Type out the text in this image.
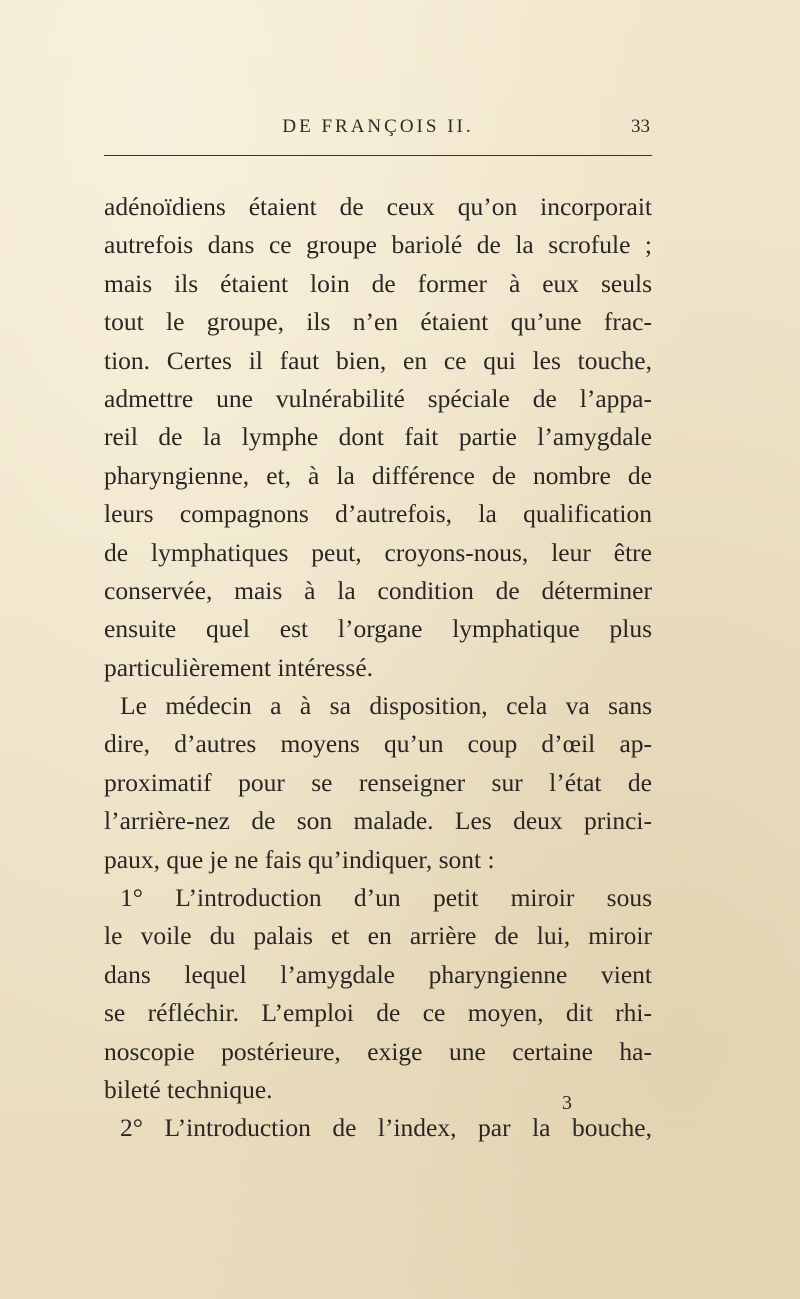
DE FRANÇOIS II.	33
adénoïdiens étaient de ceux qu’on incorporait
autrefois dans ce groupe bariolé de la scrofule ;
mais ils étaient loin de former à eux seuls
tout le groupe, ils n’en étaient qu’une frac-
tion. Certes il faut bien, en ce qui les touche,
admettre une vulnérabilité spéciale de l’appa-
reil de la lymphe dont fait partie l’amygdale
pharyngienne, et, à la différence de nombre de
leurs compagnons d’autrefois, la qualification
de lymphatiques peut, croyons-nous, leur être
conservée, mais à la condition de déterminer
ensuite quel est l’organe lymphatique plus
particulièrement intéressé.
Le médecin a à sa disposition, cela va sans
dire, d’autres moyens qu’un coup d’œil ap-
proximatif pour se renseigner sur l’état de
l’arrière-nez de son malade. Les deux princi-
paux, que je ne fais qu’indiquer, sont :
1° L’introduction d’un petit miroir sous
le voile du palais et en arrière de lui, miroir
dans lequel l’amygdale pharyngienne vient
se réfléchir. L’emploi de ce moyen, dit rhi-
noscopie postérieure, exige une certaine ha-
bileté technique.
2° L’introduction de l’index, par la bouche,
3
